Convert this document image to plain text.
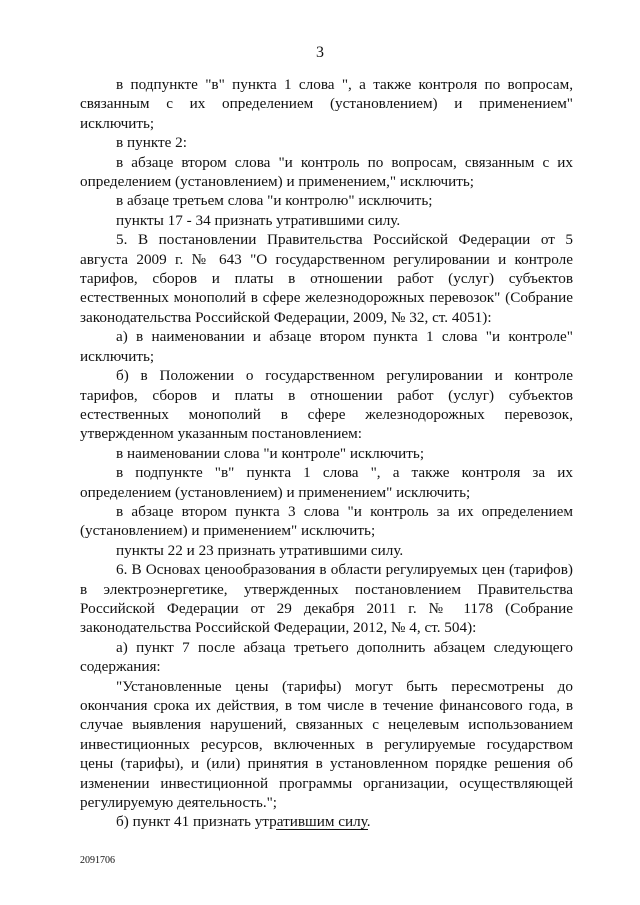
3

в подпункте "в" пункта 1 слова ", а также контроля по вопросам, связанным с их определением (установлением) и применением" исключить;

в пункте 2:

в абзаце втором слова "и контроль по вопросам, связанным с их определением (установлением) и применением," исключить;

в абзаце третьем слова "и контролю" исключить;

пункты 17 - 34 признать утратившими силу.

5. В постановлении Правительства Российской Федерации от 5 августа 2009 г. № 643 "О государственном регулировании и контроле тарифов, сборов и платы в отношении работ (услуг) субъектов естественных монополий в сфере железнодорожных перевозок" (Собрание законодательства Российской Федерации, 2009, № 32, ст. 4051):

а) в наименовании и абзаце втором пункта 1 слова "и контроле" исключить;

б) в Положении о государственном регулировании и контроле тарифов, сборов и платы в отношении работ (услуг) субъектов естественных монополий в сфере железнодорожных перевозок, утвержденном указанным постановлением:

в наименовании слова "и контроле" исключить;

в подпункте "в" пункта 1 слова ", а также контроля за их определением (установлением) и применением" исключить;

в абзаце втором пункта 3 слова "и контроль за их определением (установлением) и применением" исключить;

пункты 22 и 23 признать утратившими силу.

6. В Основах ценообразования в области регулируемых цен (тарифов) в электроэнергетике, утвержденных постановлением Правительства Российской Федерации от 29 декабря 2011 г. № 1178 (Собрание законодательства Российской Федерации, 2012, № 4, ст. 504):

а) пункт 7 после абзаца третьего дополнить абзацем следующего содержания:

"Установленные цены (тарифы) могут быть пересмотрены до окончания срока их действия, в том числе в течение финансового года, в случае выявления нарушений, связанных с нецелевым использованием инвестиционных ресурсов, включенных в регулируемые государством цены (тарифы), и (или) принятия в установленном порядке решения об изменении инвестиционной программы организации, осуществляющей регулируемую деятельность.";

б) пункт 41 признать утратившим силу.

2091706
